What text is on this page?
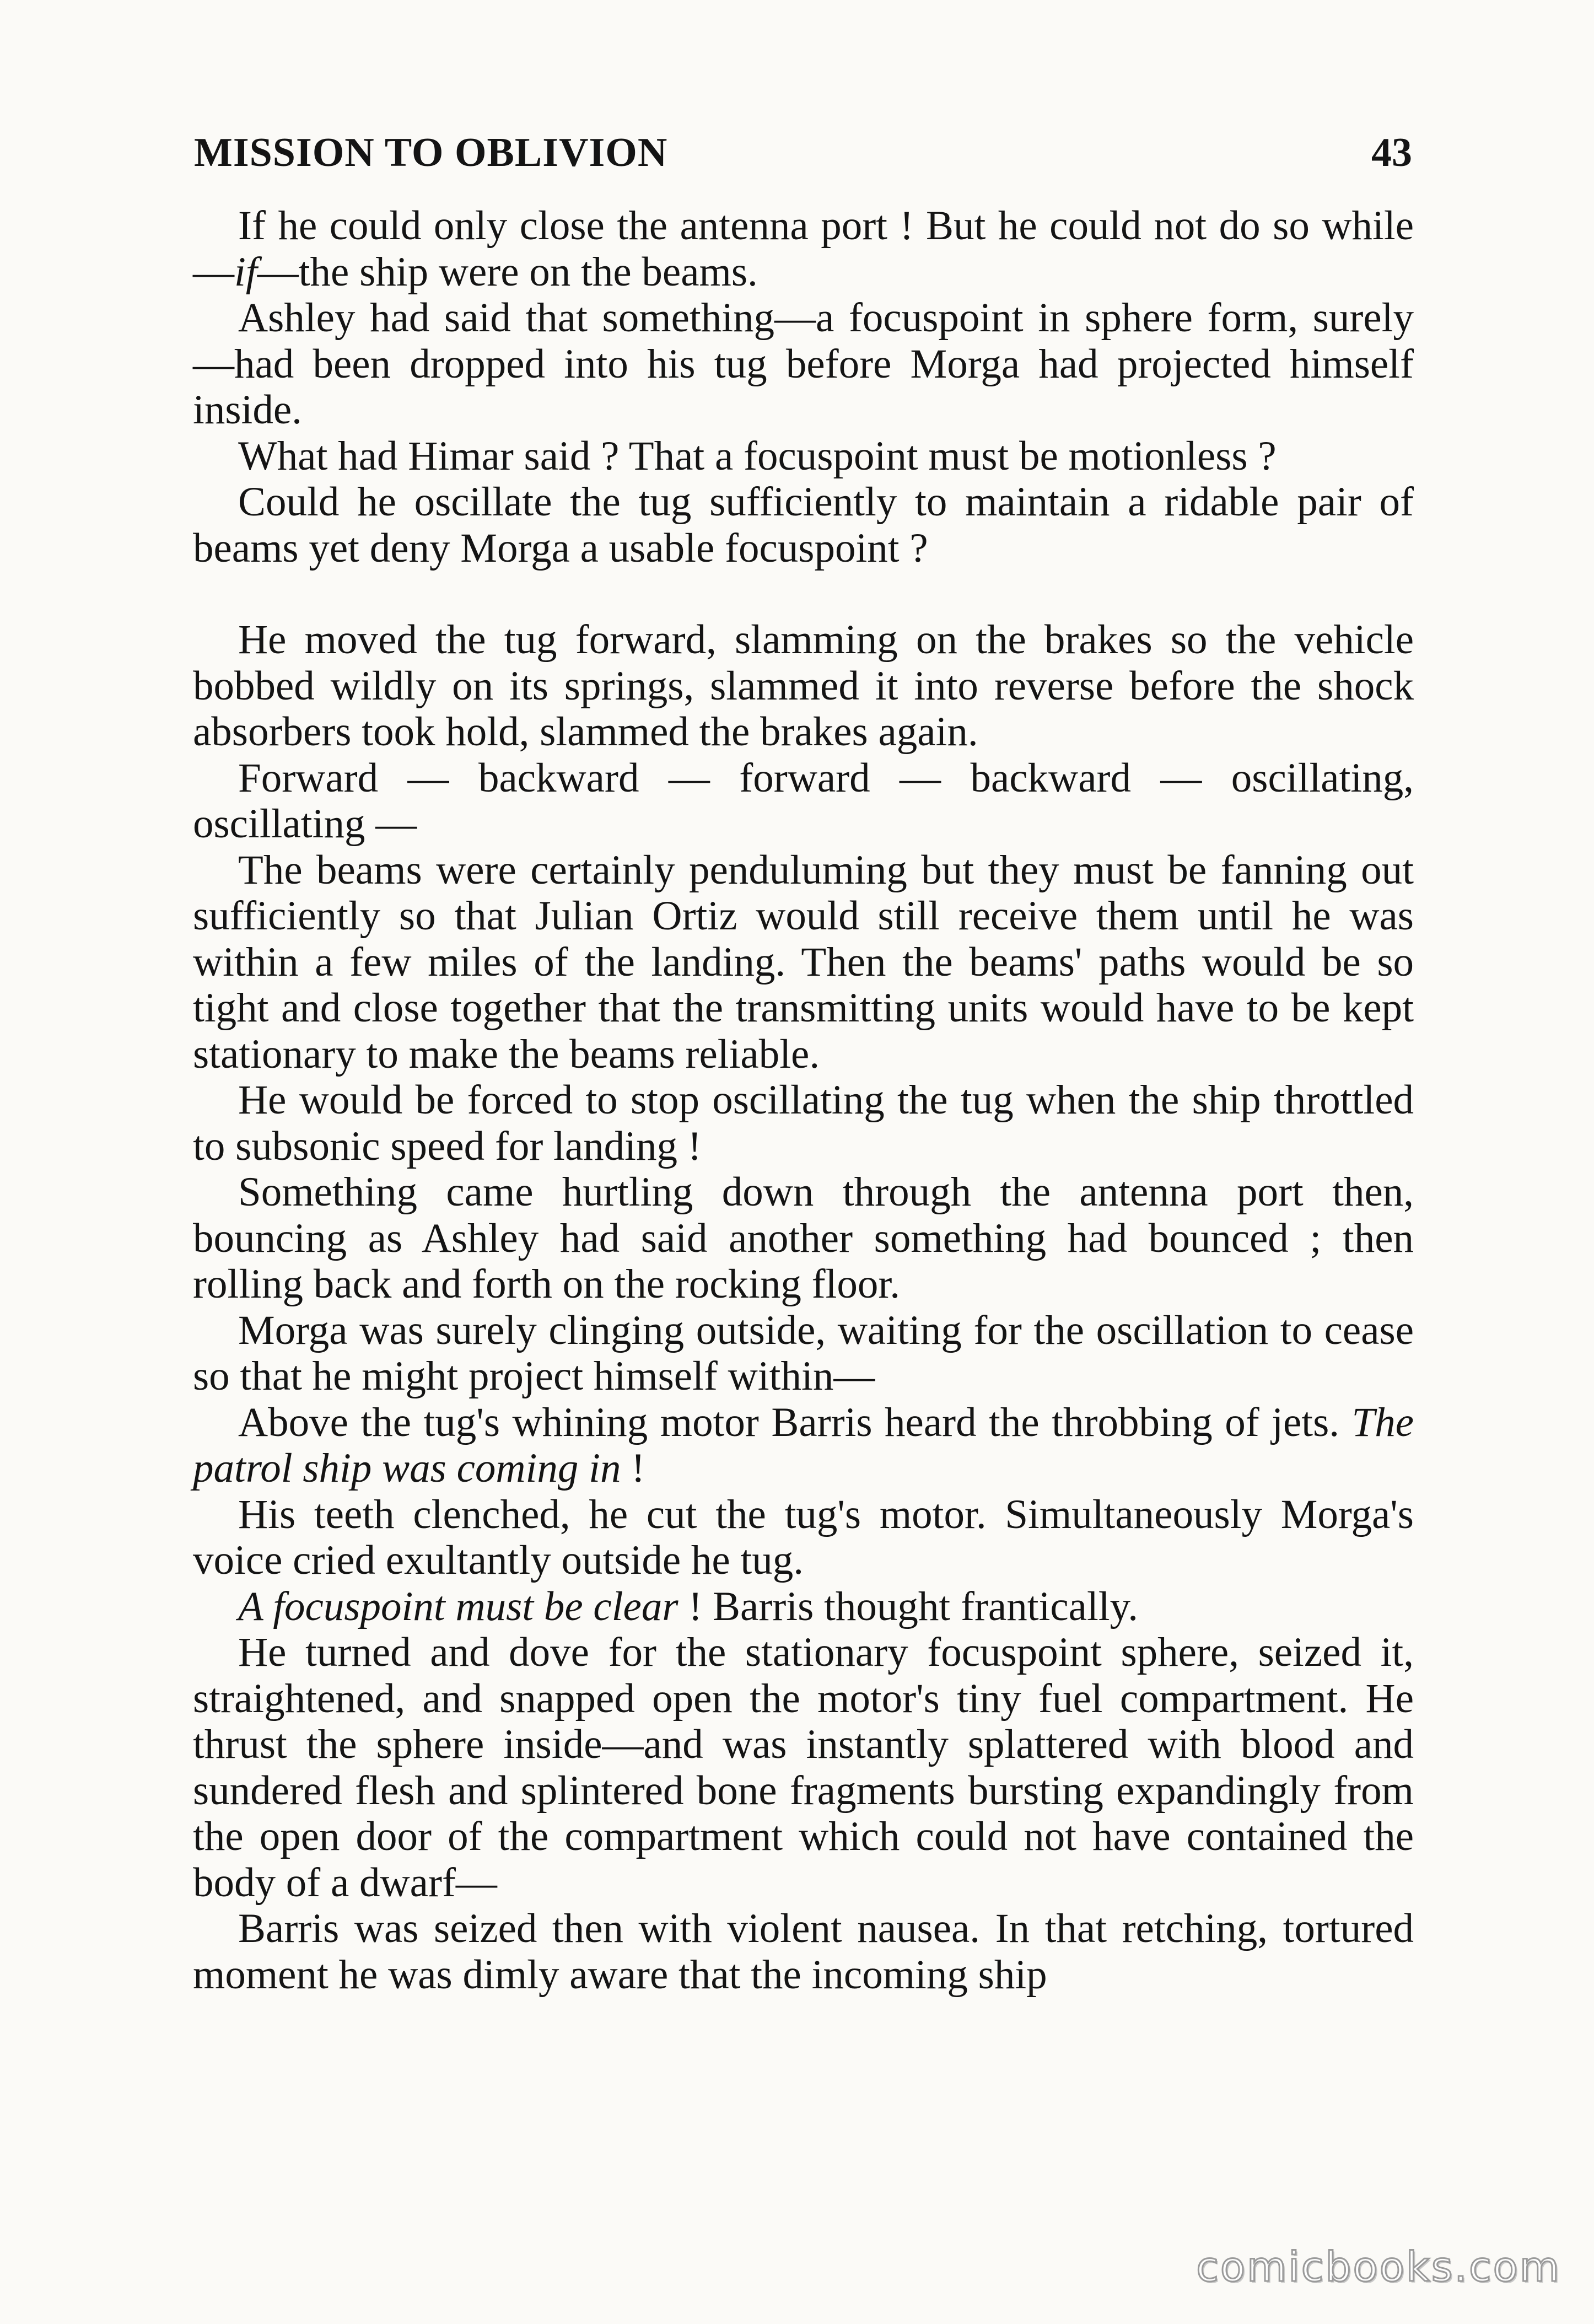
MISSION TO OBLIVION	43

If he could only close the antenna port ! But he could not do so while—if—the ship were on the beams.

Ashley had said that something—a focuspoint in sphere form, surely—had been dropped into his tug before Morga had projected himself inside.

What had Himar said ? That a focuspoint must be motionless ?

Could he oscillate the tug sufficiently to maintain a ridable pair of beams yet deny Morga a usable focuspoint ?

He moved the tug forward, slamming on the brakes so the vehicle bobbed wildly on its springs, slammed it into reverse before the shock absorbers took hold, slammed the brakes again.

Forward — backward — forward — backward — oscillating, oscillating —

The beams were certainly penduluming but they must be fanning out sufficiently so that Julian Ortiz would still receive them until he was within a few miles of the landing. Then the beams' paths would be so tight and close together that the transmitting units would have to be kept stationary to make the beams reliable.

He would be forced to stop oscillating the tug when the ship throttled to subsonic speed for landing !

Something came hurtling down through the antenna port then, bouncing as Ashley had said another something had bounced ; then rolling back and forth on the rocking floor.

Morga was surely clinging outside, waiting for the oscillation to cease so that he might project himself within—

Above the tug's whining motor Barris heard the throbbing of jets. The patrol ship was coming in !

His teeth clenched, he cut the tug's motor. Simultaneously Morga's voice cried exultantly outside he tug.

A focuspoint must be clear ! Barris thought frantically.

He turned and dove for the stationary focuspoint sphere, seized it, straightened, and snapped open the motor's tiny fuel compartment. He thrust the sphere inside—and was instantly splattered with blood and sundered flesh and splintered bone fragments bursting expandingly from the open door of the compartment which could not have contained the body of a dwarf—

Barris was seized then with violent nausea. In that retching, tortured moment he was dimly aware that the incoming ship

comicbooks.com
